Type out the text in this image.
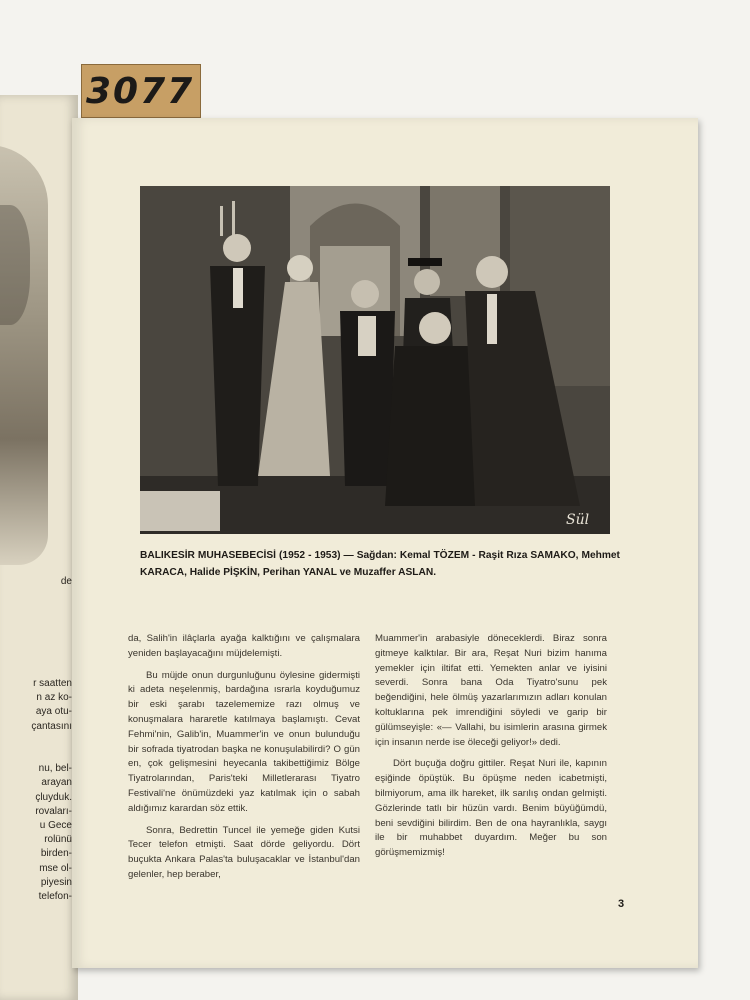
de
r saatten
n az ko-
aya otu-
çantasını

nu, bel-
arayan
çluyduk.
rovaları-
u Gece
rolünü
birden-
mse ol-
piyesin
telefon-
3077
Sül
BALIKESİR MUHASEBECİSİ (1952 - 1953) — Sağdan: Kemal TÖZEM - Raşit Rıza SAMAKO, Mehmet KARACA, Halide PİŞKİN, Perihan YANAL ve Muzaffer ASLAN.

da, Salih'in ilâçlarla ayağa kalktığını ve çalışmalara yeniden başlayacağını müjdelemişti.

Bu müjde onun durgunluğunu öylesine gidermişti ki adeta neşelenmiş, bardağına ısrarla koyduğumuz bir eski şarabı tazelememize razı olmuş ve konuşmalara hararetle katılmaya başlamıştı. Cevat Fehmi'nin, Galib'in, Muammer'in ve onun bulunduğu bir sofrada tiyatrodan başka ne konuşulabilirdi? O gün en, çok gelişmesini heyecanla takibettiğimiz Bölge Tiyatrolarından, Paris'teki Milletlerarası Tiyatro Festivali'ne önümüzdeki yaz katılmak için o sabah aldığımız karardan söz ettik.

Sonra, Bedrettin Tuncel ile yemeğe giden Kutsi Tecer telefon etmişti. Saat dörde geliyordu. Dört buçukta Ankara Palas'ta buluşacaklar ve İstanbul'dan gelenler, hep beraber,

Muammer'in arabasiyle döneceklerdi. Biraz sonra gitmeye kalktılar. Bir ara, Reşat Nuri bizim hanıma yemekler için iltifat etti. Yemekten anlar ve iyisini severdi. Sonra bana Oda Tiyatro'sunu pek beğendiğini, hele ölmüş yazarlarımızın adları konulan koltuklarına pek imrendiğini söyledi ve garip bir gülümseyişle: «— Vallahi, bu isimlerin arasına girmek için insanın nerde ise öleceği geliyor!» dedi.

Dört buçuğa doğru gittiler. Reşat Nuri ile, kapının eşiğinde öpüştük. Bu öpüşme neden icabetmişti, bilmiyorum, ama ilk hareket, ilk sarılış ondan gelmişti. Gözlerinde tatlı bir hüzün vardı. Benim büyüğümdü, beni sevdiğini bilirdim. Ben de ona hayranlıkla, saygı ile bir muhabbet duyardım. Meğer bu son görüşmemizmiş!

3
